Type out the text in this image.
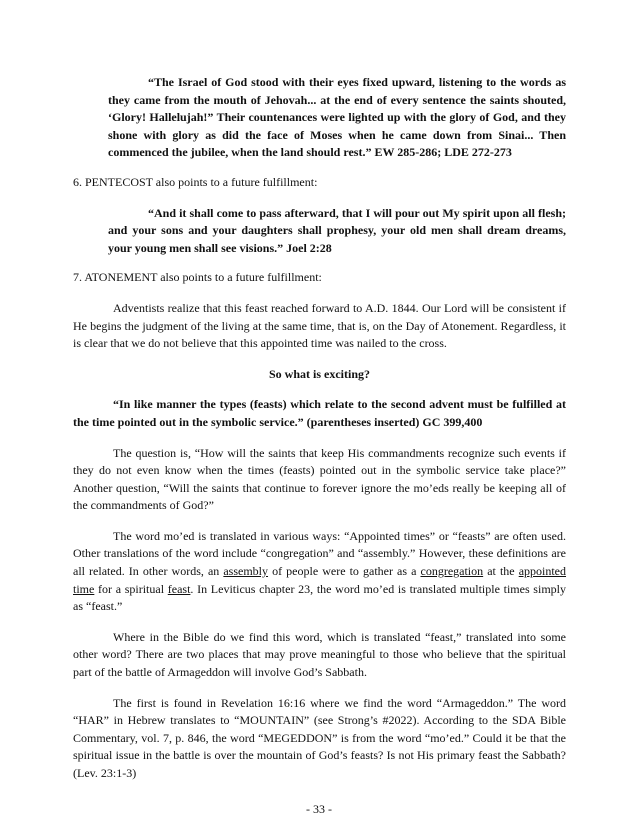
“The Israel of God stood with their eyes fixed upward, listening to the words as they came from the mouth of Jehovah... at the end of every sentence the saints shouted, ‘Glory! Hallelujah!” Their countenances were lighted up with the glory of God, and they shone with glory as did the face of Moses when he came down from Sinai... Then commenced the jubilee, when the land should rest.” EW 285-286; LDE 272-273

6. PENTECOST also points to a future fulfillment:

“And it shall come to pass afterward, that I will pour out My spirit upon all flesh; and your sons and your daughters shall prophesy, your old men shall dream dreams, your young men shall see visions.” Joel 2:28

7. ATONEMENT also points to a future fulfillment:

Adventists realize that this feast reached forward to A.D. 1844. Our Lord will be consistent if He begins the judgment of the living at the same time, that is, on the Day of Atonement. Regardless, it is clear that we do not believe that this appointed time was nailed to the cross.

So what is exciting?

“In like manner the types (feasts) which relate to the second advent must be fulfilled at the time pointed out in the symbolic service.” (parentheses inserted) GC 399,400

The question is, “How will the saints that keep His commandments recognize such events if they do not even know when the times (feasts) pointed out in the symbolic service take place?” Another question, “Will the saints that continue to forever ignore the mo’eds really be keeping all of the commandments of God?”

The word mo’ed is translated in various ways: “Appointed times” or “feasts” are often used. Other translations of the word include “congregation” and “assembly.” However, these definitions are all related. In other words, an assembly of people were to gather as a congregation at the appointed time for a spiritual feast. In Leviticus chapter 23, the word mo’ed is translated multiple times simply as “feast.”

Where in the Bible do we find this word, which is translated “feast,” translated into some other word? There are two places that may prove meaningful to those who believe that the spiritual part of the battle of Armageddon will involve God’s Sabbath.

The first is found in Revelation 16:16 where we find the word “Armageddon.” The word “HAR” in Hebrew translates to “MOUNTAIN” (see Strong’s #2022). According to the SDA Bible Commentary, vol. 7, p. 846, the word “MEGEDDON” is from the word “mo’ed.” Could it be that the spiritual issue in the battle is over the mountain of God’s feasts? Is not His primary feast the Sabbath? (Lev. 23:1-3)

- 33 -
